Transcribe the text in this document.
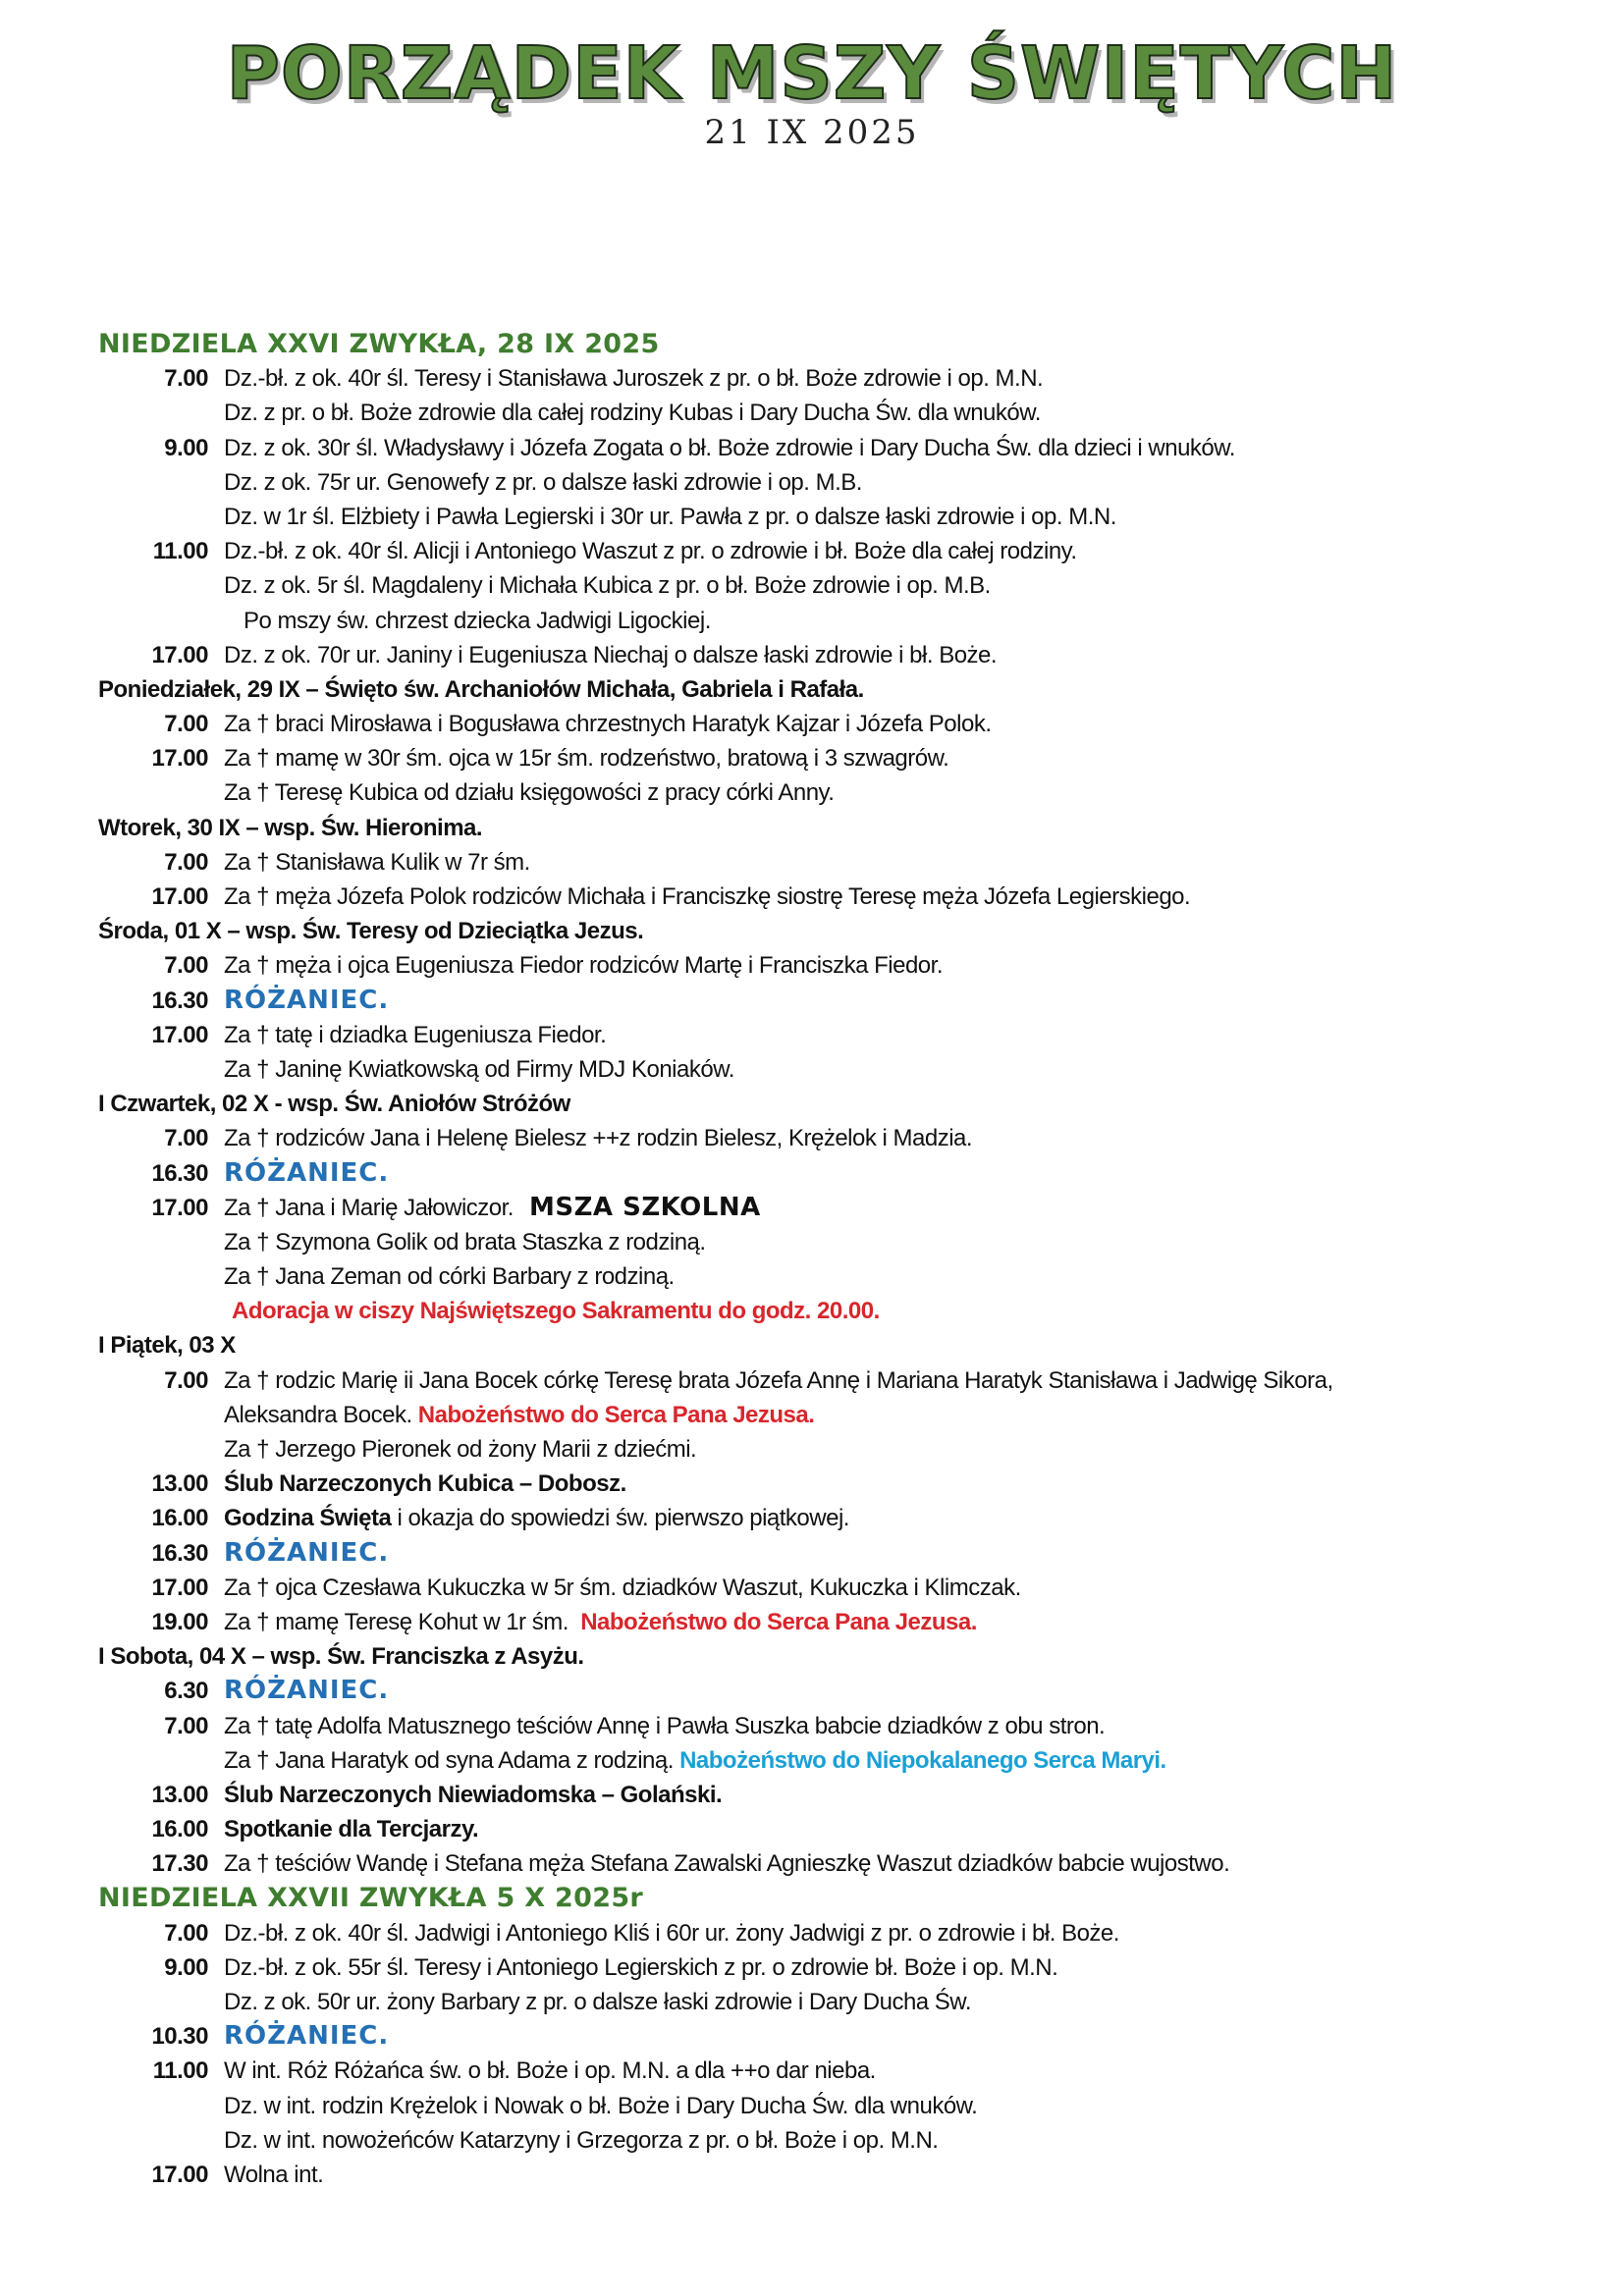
PORZĄDEK MSZY ŚWIĘTYCH
21 IX 2025
NIEDZIELA XXVI ZWYKŁA, 28 IX 2025
7.00 Dz.-bł. z ok. 40r śl. Teresy i Stanisława Juroszek z pr. o bł. Boże zdrowie i op. M.N.
Dz. z pr. o bł. Boże zdrowie dla całej rodziny Kubas i Dary Ducha Św. dla wnuków.
9.00 Dz. z ok. 30r śl. Władysławy i Józefa Zogata o bł. Boże zdrowie i Dary Ducha Św. dla dzieci i wnuków.
Dz. z ok. 75r ur. Genowefy z pr. o dalsze łaski zdrowie i op. M.B.
Dz. w 1r śl. Elżbiety i Pawła Legierski i 30r ur. Pawła z pr. o dalsze łaski zdrowie i op. M.N.
11.00 Dz.-bł. z ok. 40r śl. Alicji i Antoniego Waszut z pr. o zdrowie i bł. Boże dla całej rodziny.
Dz. z ok. 5r śl. Magdaleny i Michała Kubica z pr. o bł. Boże zdrowie i op. M.B.
Po mszy św. chrzest dziecka Jadwigi Ligockiej.
17.00 Dz. z ok. 70r ur. Janiny i Eugeniusza Niechaj o dalsze łaski zdrowie i bł. Boże.
Poniedziałek, 29 IX – Święto św. Archaniołów Michała, Gabriela i Rafała.
7.00 Za † braci Mirosława i Bogusława chrzestnych Haratyk Kajzar i Józefa Polok.
17.00 Za † mamę w 30r śm. ojca w 15r śm. rodzeństwo, bratową i 3 szwagrów.
Za † Teresę Kubica od działu księgowości z pracy córki Anny.
Wtorek, 30 IX – wsp. Św. Hieronima.
7.00 Za † Stanisława Kulik w 7r śm.
17.00 Za † męża Józefa Polok rodziców Michała i Franciszkę siostrę Teresę męża Józefa Legierskiego.
Środa, 01 X – wsp. Św. Teresy od Dzieciątka Jezus.
7.00 Za † męża i ojca Eugeniusza Fiedor rodziców Martę i Franciszka Fiedor.
16.30 RÓŻANIEC.
17.00 Za † tatę i dziadka Eugeniusza Fiedor.
Za † Janinę Kwiatkowską od Firmy MDJ Koniaków.
I Czwartek, 02 X - wsp. Św. Aniołów Stróżów
7.00 Za † rodziców Jana i Helenę Bielesz ++z rodzin Bielesz, Krężelok i Madzia.
16.30 RÓŻANIEC.
17.00 Za † Jana i Marię Jałowiczor. MSZA SZKOLNA
Za † Szymona Golik od brata Staszka z rodziną.
Za † Jana Zeman od córki Barbary z rodziną.
Adoracja w ciszy Najświętszego Sakramentu do godz. 20.00.
I Piątek, 03 X
7.00 Za † rodzic Marię ii Jana Bocek córkę Teresę brata Józefa Annę i Mariana Haratyk Stanisława i Jadwigę Sikora,
Aleksandra Bocek. Nabożeństwo do Serca Pana Jezusa.
Za † Jerzego Pieronek od żony Marii z dziećmi.
13.00 Ślub Narzeczonych Kubica – Dobosz.
16.00 Godzina Święta i okazja do spowiedzi św. pierwszo piątkowej.
16.30 RÓŻANIEC.
17.00 Za † ojca Czesława Kukuczka w 5r śm. dziadków Waszut, Kukuczka i Klimczak.
19.00 Za † mamę Teresę Kohut w 1r śm. Nabożeństwo do Serca Pana Jezusa.
I Sobota, 04 X – wsp. Św. Franciszka z Asyżu.
6.30 RÓŻANIEC.
7.00 Za † tatę Adolfa Matusznego teściów Annę i Pawła Suszka babcie dziadków z obu stron.
Za † Jana Haratyk od syna Adama z rodziną. Nabożeństwo do Niepokalanego Serca Maryi.
13.00 Ślub Narzeczonych Niewiadomska – Golański.
16.00 Spotkanie dla Tercjarzy.
17.30 Za † teściów Wandę i Stefana męża Stefana Zawalski Agnieszkę Waszut dziadków babcie wujostwo.
NIEDZIELA XXVII ZWYKŁA 5 X 2025r
7.00 Dz.-bł. z ok. 40r śl. Jadwigi i Antoniego Kliś i 60r ur. żony Jadwigi z pr. o zdrowie i bł. Boże.
9.00 Dz.-bł. z ok. 55r śl. Teresy i Antoniego Legierskich z pr. o zdrowie bł. Boże i op. M.N.
Dz. z ok. 50r ur. żony Barbary z pr. o dalsze łaski zdrowie i Dary Ducha Św.
10.30 RÓŻANIEC.
11.00 W int. Róż Różańca św. o bł. Boże i op. M.N. a dla ++o dar nieba.
Dz. w int. rodzin Krężelok i Nowak o bł. Boże i Dary Ducha Św. dla wnuków.
Dz. w int. nowożeńców Katarzyny i Grzegorza z pr. o bł. Boże i op. M.N.
17.00 Wolna int.
